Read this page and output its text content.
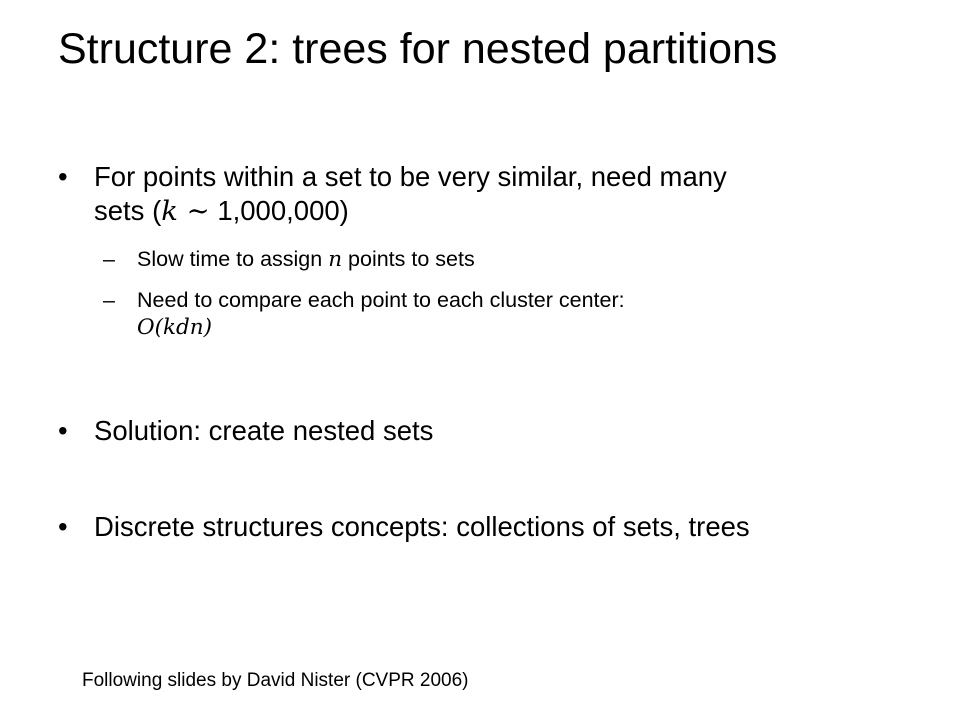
Structure 2: trees for nested partitions
• For points within a set to be very similar, need many
sets (k ∼ 1,000,000)
–	Slow time to assign n points to sets
–	Need to compare each point to each cluster center:
O(kdn)
• Solution: create nested sets
• Discrete structures concepts: collections of sets, trees
Following slides by David Nister (CVPR 2006)
